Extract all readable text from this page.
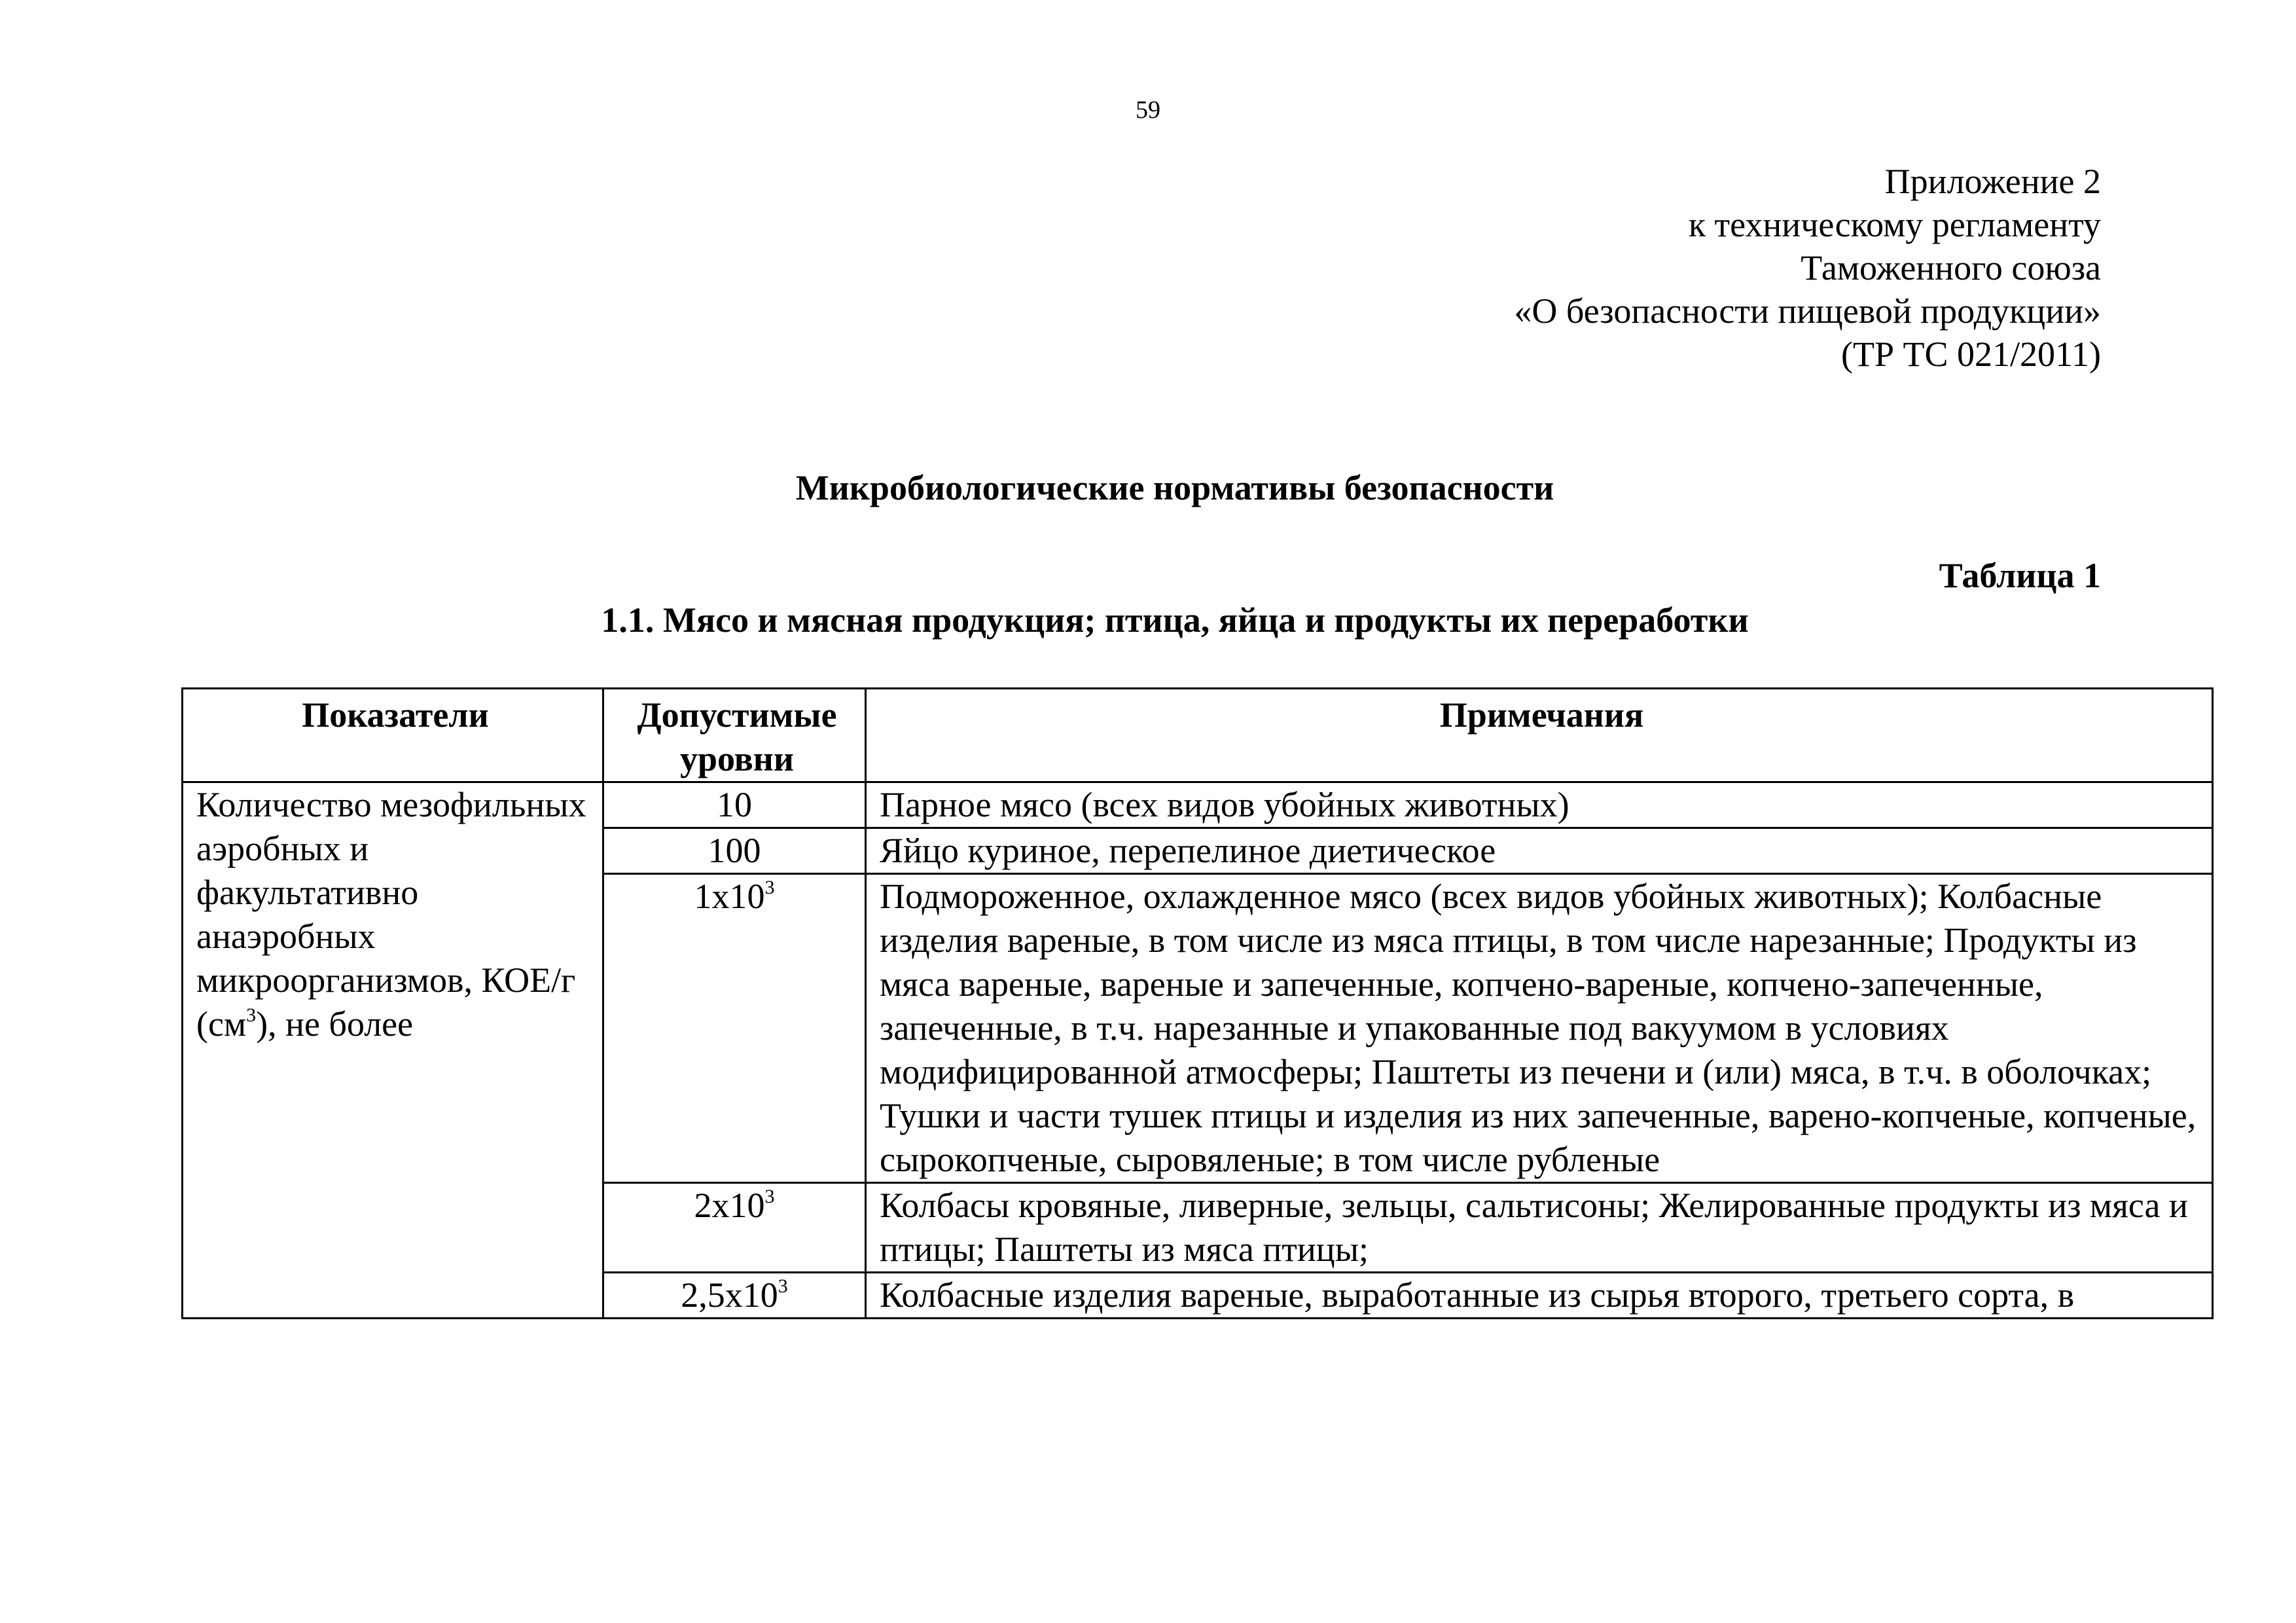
59
Приложение 2
к техническому регламенту
Таможенного союза
«О безопасности пищевой продукции»
(ТР ТС 021/2011)
Микробиологические нормативы безопасности
Таблица 1
1.1. Мясо и мясная продукция; птица, яйца и продукты их переработки
Показатели	Допустимые уровни	Примечания
Количество мезофильных аэробных и факультативно анаэробных микроорганизмов, КОЕ/г $(см^3)$, не более	10	Парное мясо (всех видов убойных животных)
	100	Яйцо куриное, перепелиное диетическое
	$1х10^3$	Подмороженное, охлажденное мясо (всех видов убойных животных); Колбасные изделия вареные, в том числе из мяса птицы, в том числе нарезанные; Продукты из мяса вареные, вареные и запеченные, копчено-вареные, копчено-запеченные, запеченные, в т.ч. нарезанные и упакованные под вакуумом в условиях модифицированной атмосферы; Паштеты из печени и (или) мяса, в т.ч. в оболочках; Тушки и части тушек птицы и изделия из них запеченные, варено-копченые, копченые, сырокопченые, сыровяленые; в том числе рубленые
	$2х10^3$	Колбасы кровяные, ливерные, зельцы, сальтисоны; Желированные продукты из мяса и птицы; Паштеты из мяса птицы;
	$2,5х10^3$	Колбасные изделия вареные, выработанные из сырья второго, третьего сорта, в
